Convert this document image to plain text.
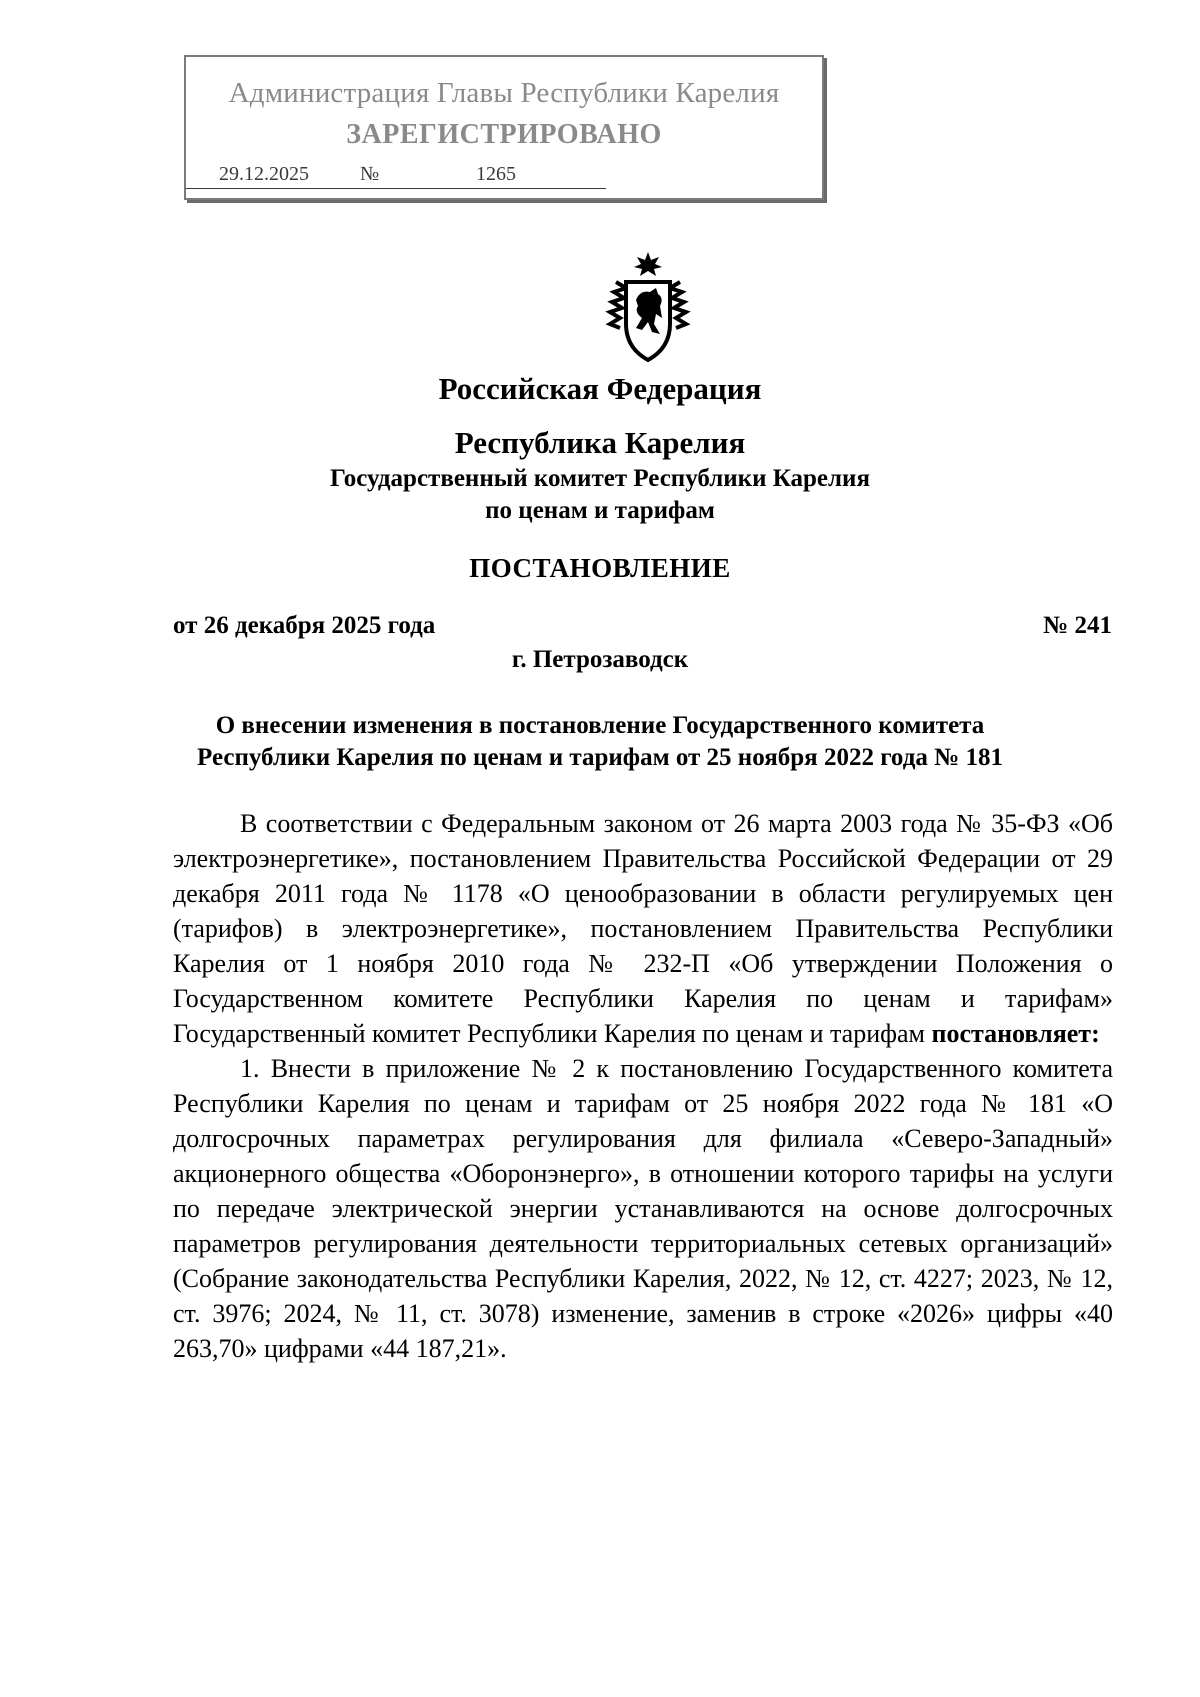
Администрация Главы Республики Карелия
ЗАРЕГИСТРИРОВАНО
29.12.2025	№	1265
Российская Федерация
Республика Карелия
Государственный комитет Республики Карелия
по ценам и тарифам
ПОСТАНОВЛЕНИЕ
от 26 декабря 2025 года	№ 241
г. Петрозаводск
О внесении изменения в постановление Государственного комитета
Республики Карелия по ценам и тарифам от 25 ноября 2022 года № 181

В соответствии с Федеральным законом от 26 марта 2003 года № 35-ФЗ «Об электроэнергетике», постановлением Правительства Российской Федерации от 29 декабря 2011 года № 1178 «О ценообразовании в области регулируемых цен (тарифов) в электроэнергетике», постановлением Правительства Республики Карелия от 1 ноября 2010 года № 232-П «Об утверждении Положения о Государственном комитете Республики Карелия по ценам и тарифам» Государственный комитет Республики Карелия по ценам и тарифам постановляет:

1. Внести в приложение № 2 к постановлению Государственного комитета Республики Карелия по ценам и тарифам от 25 ноября 2022 года № 181 «О долгосрочных параметрах регулирования для филиала «Северо-Западный» акционерного общества «Оборонэнерго», в отношении которого тарифы на услуги по передаче электрической энергии устанавливаются на основе долгосрочных параметров регулирования деятельности территориальных сетевых организаций» (Собрание законодательства Республики Карелия, 2022, № 12, ст. 4227; 2023, № 12, ст. 3976; 2024, № 11, ст. 3078) изменение, заменив в строке «2026» цифры «40 263,70» цифрами «44 187,21».
